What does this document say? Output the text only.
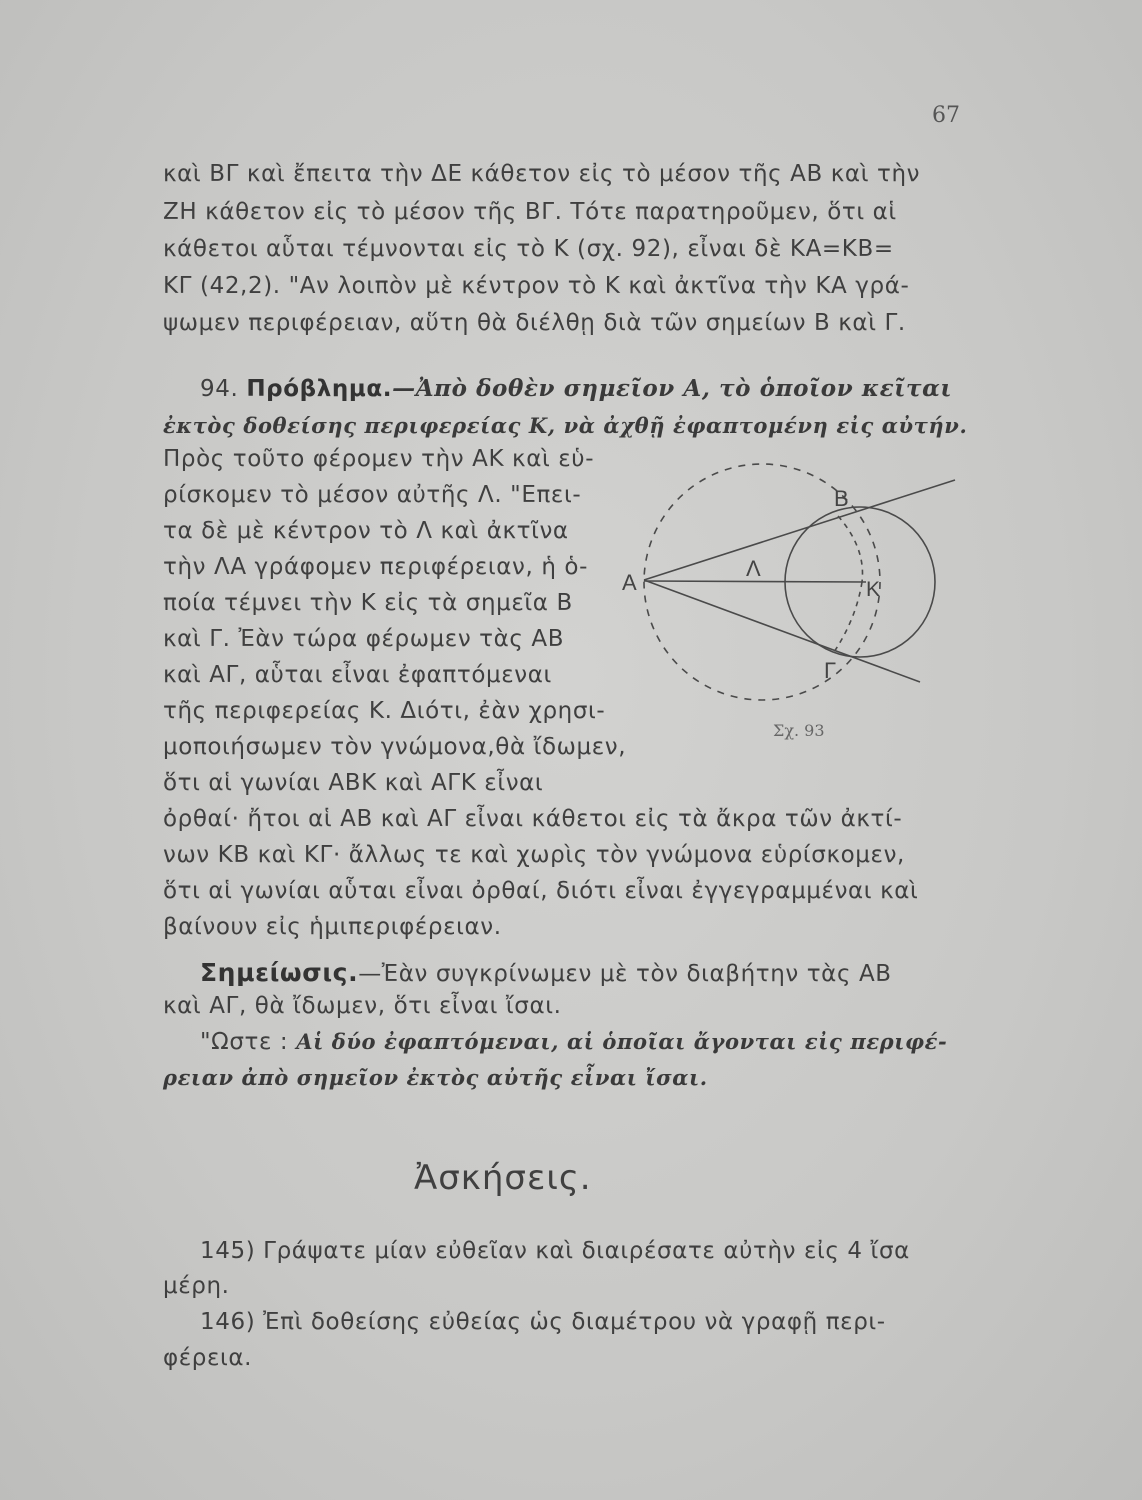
67
καὶ ΒΓ καὶ ἔπειτα τὴν ΔΕ κάθετον εἰς τὸ μέσον τῆς ΑΒ καὶ τὴν
ΖΗ κάθετον εἰς τὸ μέσον τῆς ΒΓ. Τότε παρατηροῦμεν, ὅτι αἱ
κάθετοι αὗται τέμνονται εἰς τὸ Κ (σχ. 92), εἶναι δὲ ΚΑ=ΚΒ=
ΚΓ (42,2). "Αν λοιπὸν μὲ κέντρον τὸ Κ καὶ ἀκτῖνα τὴν ΚΑ γρά-
ψωμεν περιφέρειαν, αὕτη θὰ διέλθῃ διὰ τῶν σημείων Β καὶ Γ.
94. Πρόβλημα.—Ἀπὸ δοθὲν σημεῖον Α, τὸ ὁποῖον κεῖται
ἐκτὸς δοθείσης περιφερείας Κ, νὰ ἀχθῇ ἐφαπτομένη εἰς αὐτήν.
Πρὸς τοῦτο φέρομεν τὴν ΑΚ καὶ εὑ-
ρίσκομεν τὸ μέσον αὐτῆς Λ. "Επει-
τα δὲ μὲ κέντρον τὸ Λ καὶ ἀκτῖνα
τὴν ΛΑ γράφομεν περιφέρειαν, ἡ ὁ-
ποία τέμνει τὴν Κ εἰς τὰ σημεῖα Β
καὶ Γ. Ἐὰν τώρα φέρωμεν τὰς ΑΒ
καὶ ΑΓ, αὗται εἶναι ἐφαπτόμεναι
τῆς περιφερείας Κ. Διότι, ἐὰν χρησι-
μοποιήσωμεν τὸν γνώμονα,θὰ ἴδωμεν,
ὅτι αἱ γωνίαι ΑΒΚ καὶ ΑΓΚ εἶναι
ὀρθαί· ἤτοι αἱ ΑΒ καὶ ΑΓ εἶναι κάθετοι εἰς τὰ ἄκρα τῶν ἀκτί-
νων ΚΒ καὶ ΚΓ· ἄλλως τε καὶ χωρὶς τὸν γνώμονα εὑρίσκομεν,
ὅτι αἱ γωνίαι αὗται εἶναι ὀρθαί, διότι εἶναι ἐγγεγραμμέναι καὶ
βαίνουν εἰς ἡμιπεριφέρειαν.
Α
Β
Γ
Κ
Λ
Σχ. 93
Σημείωσις.—Ἐὰν συγκρίνωμεν μὲ τὸν διαβήτην τὰς ΑΒ
καὶ ΑΓ, θὰ ἴδωμεν, ὅτι εἶναι ἴσαι.
"Ωστε : Αἱ δύο ἐφαπτόμεναι, αἱ ὁποῖαι ἄγονται εἰς περιφέ-
ρειαν ἀπὸ σημεῖον ἐκτὸς αὐτῆς εἶναι ἴσαι.
Ἀσκήσεις.
145) Γράψατε μίαν εὐθεῖαν καὶ διαιρέσατε αὐτὴν εἰς 4 ἴσα
μέρη.
146) Ἐπὶ δοθείσης εὐθείας ὡς διαμέτρου νὰ γραφῇ περι-
φέρεια.
